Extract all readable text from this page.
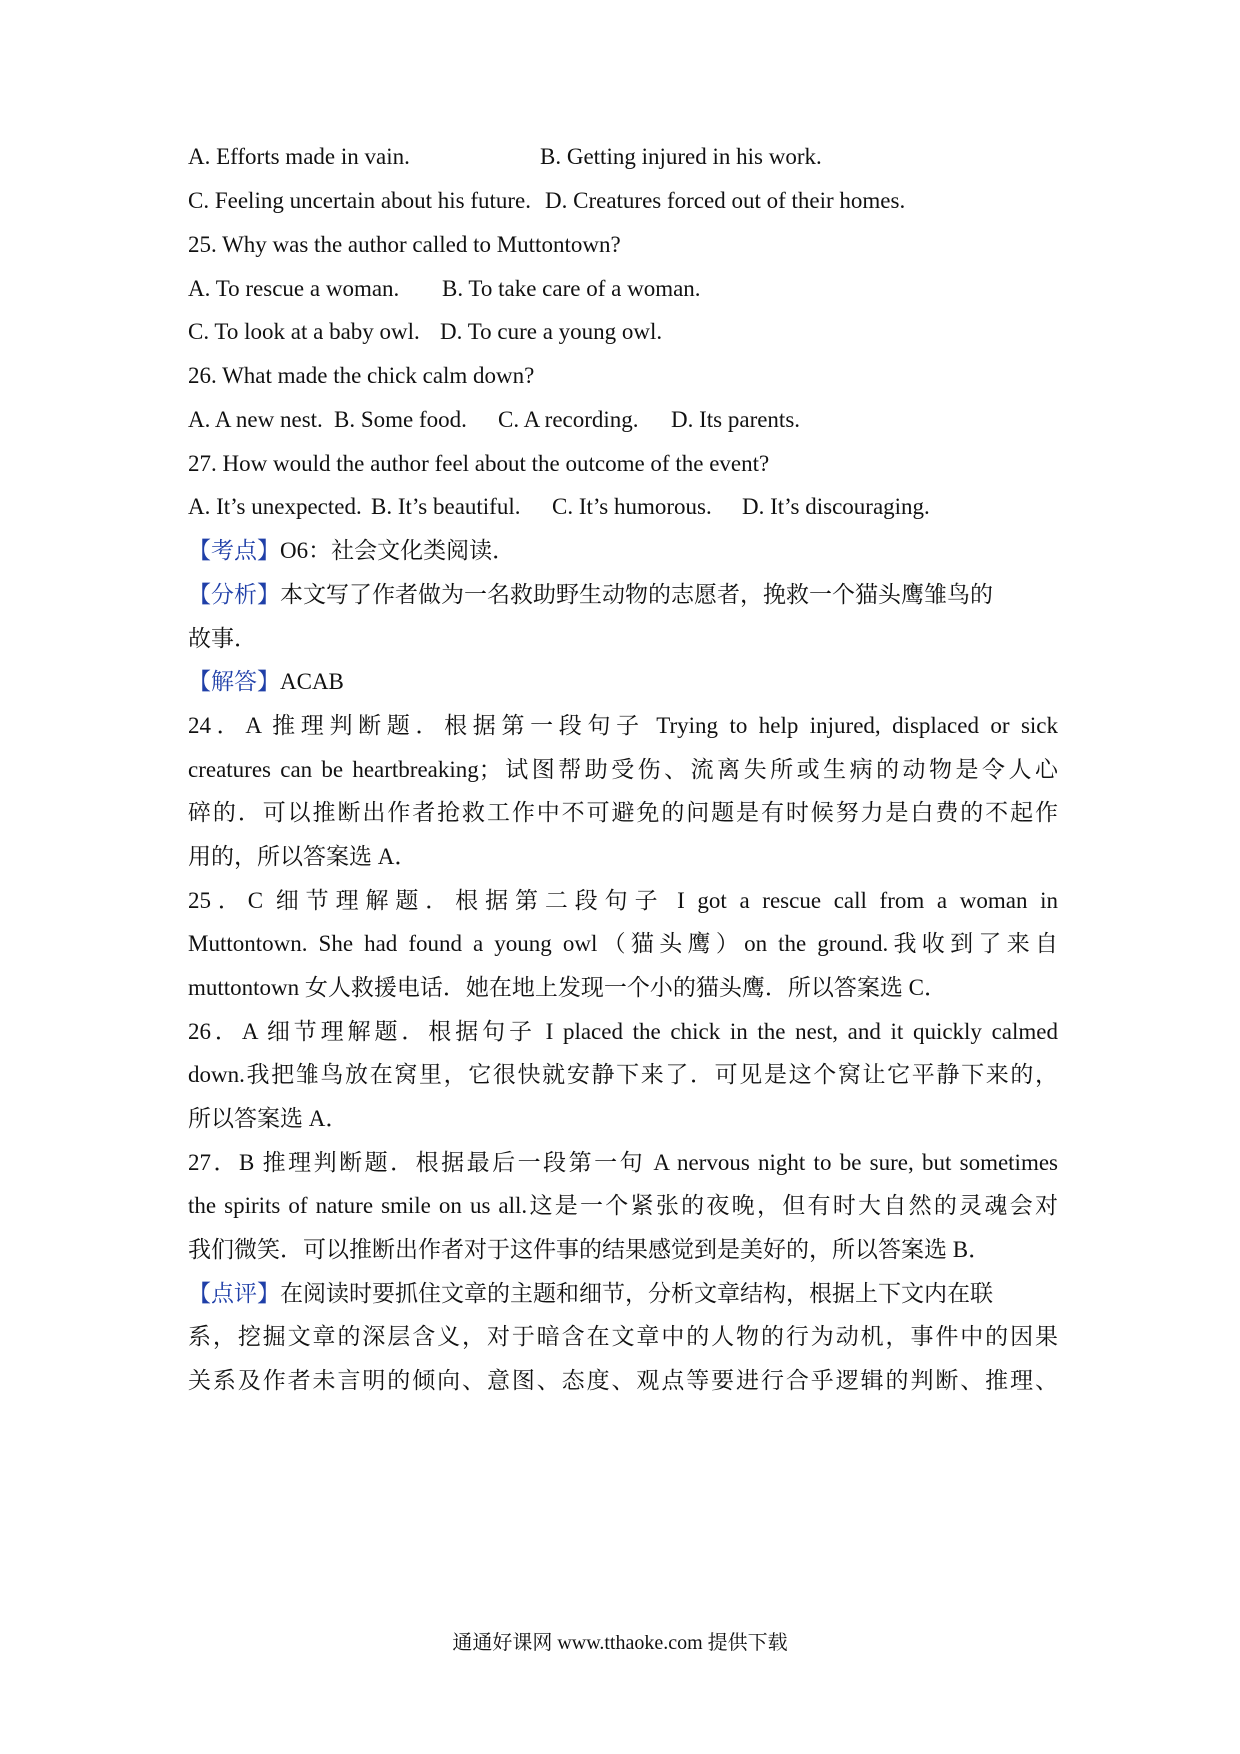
A. Efforts made in vain.	B. Getting injured in his work.
C. Feeling uncertain about his future. D. Creatures forced out of their homes.
25. Why was the author called to Muttontown?
A. To rescue a woman. B. To take care of a woman.
C. To look at a baby owl. D. To cure a young owl.
26. What made the chick calm down?
A. A new nest. B. Some food. C. A recording. D. Its parents.
27. How would the author feel about the outcome of the event?
A. It’s unexpected. B. It’s beautiful. C. It’s humorous. D. It’s discouraging.
【考点】O6：社会文化类阅读．
【分析】本文写了作者做为一名救助野生动物的志愿者，挽救一个猫头鹰雏鸟的
故事．
【解答】ACAB
24．A 推理判断题．根据第一段句子 Trying to help injured, displaced or sick
creatures can be heartbreaking；试图帮助受伤、流离失所或生病的动物是令人心
碎的．可以推断出作者抢救工作中不可避免的问题是有时候努力是白费的不起作
用的，所以答案选 A．
25．C 细节理解题．根据第二段句子 I got a rescue call from a woman in
Muttontown. She had found a young owl（猫头鹰）on the ground.我收到了来自
muttontown 女人救援电话．她在地上发现一个小的猫头鹰．所以答案选 C．
26．A 细节理解题．根据句子 I placed the chick in the nest, and it quickly calmed
down.我把雏鸟放在窝里，它很快就安静下来了．可见是这个窝让它平静下来的，
所以答案选 A．
27．B 推理判断题．根据最后一段第一句 A nervous night to be sure, but sometimes
the spirits of nature smile on us all.这是一个紧张的夜晚，但有时大自然的灵魂会对
我们微笑．可以推断出作者对于这件事的结果感觉到是美好的，所以答案选 B．
【点评】在阅读时要抓住文章的主题和细节，分析文章结构，根据上下文内在联
系，挖掘文章的深层含义，对于暗含在文章中的人物的行为动机，事件中的因果
关系及作者未言明的倾向、意图、态度、观点等要进行合乎逻辑的判断、推理、
通通好课网 www.tthaoke.com 提供下载
